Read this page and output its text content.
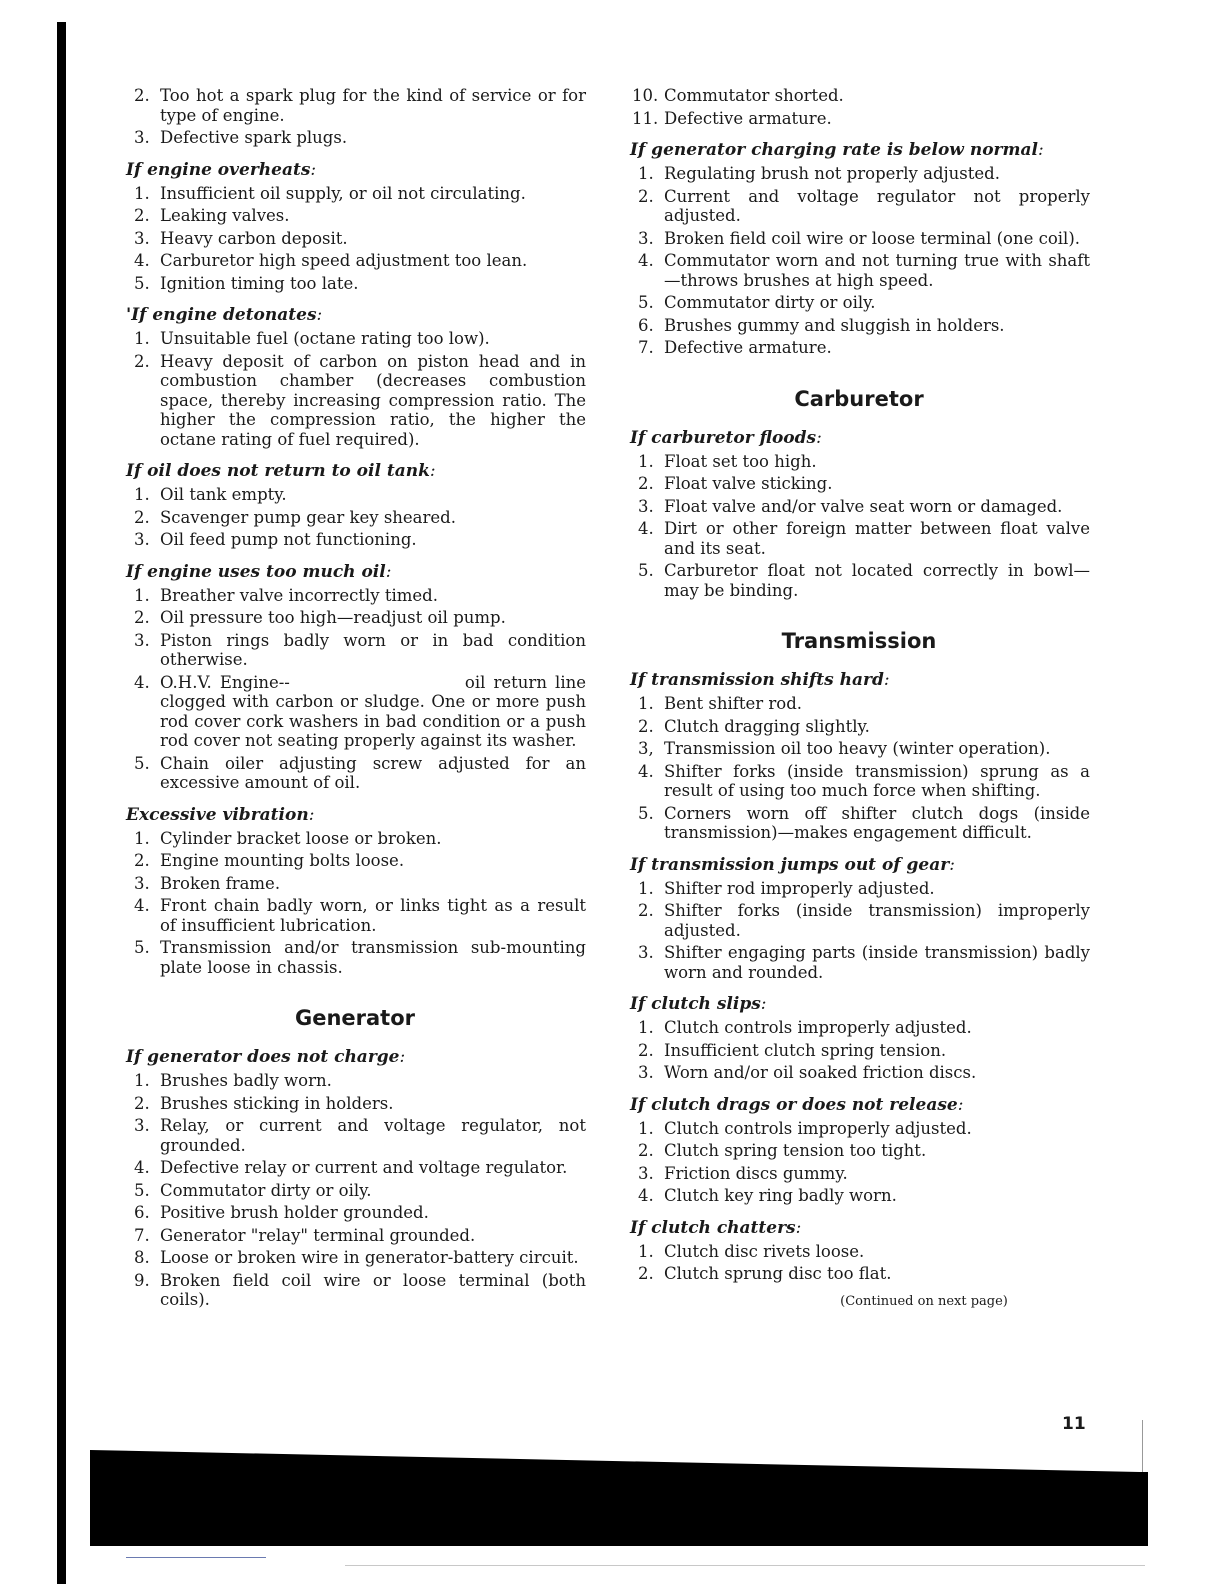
2. Too hot a spark plug for the kind of service or for type of engine.
3. Defective spark plugs.
If engine overheats:
1. Insufficient oil supply, or oil not circulating.
2. Leaking valves.
3. Heavy carbon deposit.
4. Carburetor high speed adjustment too lean.
5. Ignition timing too late.
'If engine detonates:
1. Unsuitable fuel (octane rating too low).
2. Heavy deposit of carbon on piston head and in combustion chamber (decreases combustion space, thereby increasing compression ratio. The higher the compression ratio, the higher the octane rating of fuel required).
If oil does not return to oil tank:
1. Oil tank empty.
2. Scavenger pump gear key sheared.
3. Oil feed pump not functioning.
If engine uses too much oil:
1. Breather valve incorrectly timed.
2. Oil pressure too high—readjust oil pump.
3. Piston rings badly worn or in bad condition otherwise.
4. O.H.V. Engine--	oil return line clogged with carbon or sludge. One or more push rod cover cork washers in bad condition or a push rod cover not seating properly against its washer.
5. Chain oiler adjusting screw adjusted for an excessive amount of oil.
Excessive vibration:
1. Cylinder bracket loose or broken.
2. Engine mounting bolts loose.
3. Broken frame.
4. Front chain badly worn, or links tight as a result of insufficient lubrication.
5. Transmission and/or transmission sub-mounting plate loose in chassis.
Generator
If generator does not charge:
1. Brushes badly worn.
2. Brushes sticking in holders.
3. Relay, or current and voltage regulator, not grounded.
4. Defective relay or current and voltage regulator.
5. Commutator dirty or oily.
6. Positive brush holder grounded.
7. Generator "relay" terminal grounded.
8. Loose or broken wire in generator-battery circuit.
9. Broken field coil wire or loose terminal (both coils).
10. Commutator shorted.
11. Defective armature.
If generator charging rate is below normal:
1. Regulating brush not properly adjusted.
2. Current and voltage regulator not properly adjusted.
3. Broken field coil wire or loose terminal (one coil).
4. Commutator worn and not turning true with shaft —throws brushes at high speed.
5. Commutator dirty or oily.
6. Brushes gummy and sluggish in holders.
7. Defective armature.
Carburetor
If carburetor floods:
1. Float set too high.
2. Float valve sticking.
3. Float valve and/or valve seat worn or damaged.
4. Dirt or other foreign matter between float valve and its seat.
5. Carburetor float not located correctly in bowl— may be binding.
Transmission
If transmission shifts hard:
1. Bent shifter rod.
2. Clutch dragging slightly.
3, Transmission oil too heavy (winter operation).
4. Shifter forks (inside transmission) sprung as a result of using too much force when shifting.
5. Corners worn off shifter clutch dogs (inside transmission)—makes engagement difficult.
If transmission jumps out of gear:
1. Shifter rod improperly adjusted.
2. Shifter forks (inside transmission) improperly adjusted.
3. Shifter engaging parts (inside transmission) badly worn and rounded.
If clutch slips:
1. Clutch controls improperly adjusted.
2. Insufficient clutch spring tension.
3. Worn and/or oil soaked friction discs.
If clutch drags or does not release:
1. Clutch controls improperly adjusted.
2. Clutch spring tension too tight.
3. Friction discs gummy.
4. Clutch key ring badly worn.
If clutch chatters:
1. Clutch disc rivets loose.
2. Clutch sprung disc too flat.
(Continued on next page)
11
